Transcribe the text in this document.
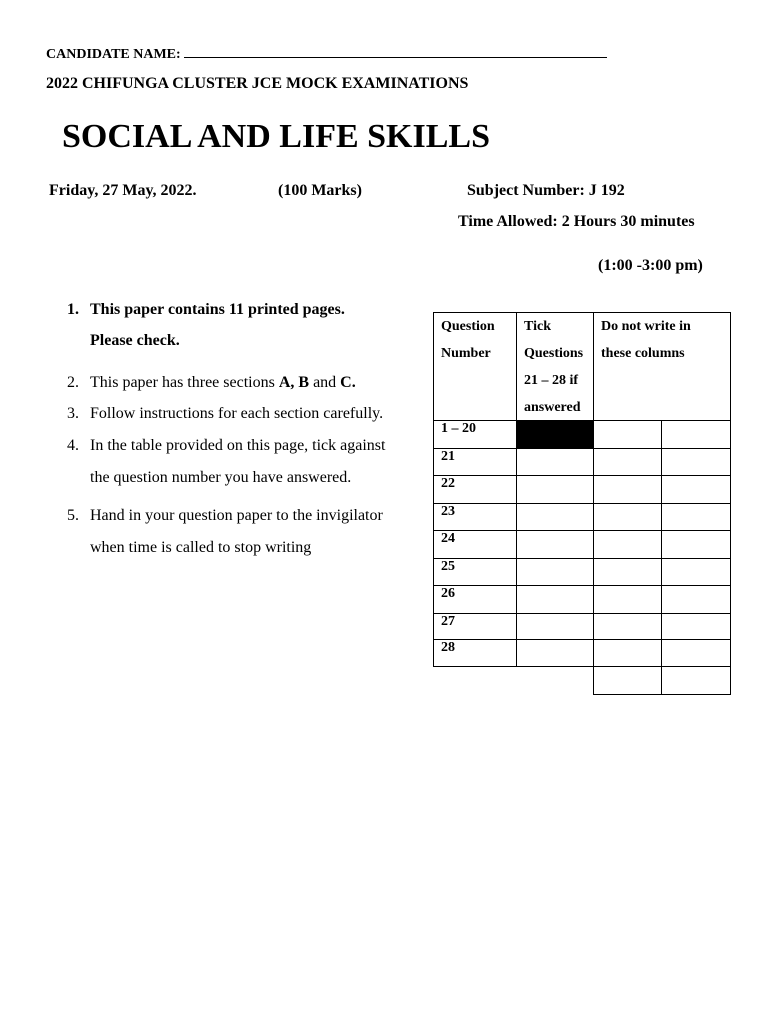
CANDIDATE NAME:
2022 CHIFUNGA CLUSTER JCE MOCK EXAMINATIONS
SOCIAL AND LIFE SKILLS
Friday, 27 May, 2022.	(100 Marks)	Subject Number: J 192
Time Allowed: 2 Hours 30 minutes
(1:00 -3:00 pm)
1. This paper contains 11 printed pages.
Please check.
2. This paper has three sections A, B and C.
3. Follow instructions for each section carefully.
4. In the table provided on this page, tick against
the question number you have answered.
5. Hand in your question paper to the invigilator
when time is called to stop writing
Question
Number
Tick
Questions
21 – 28 if
answered
Do not write in
these columns
1 – 20
21
22
23
24
25
26
27
28
